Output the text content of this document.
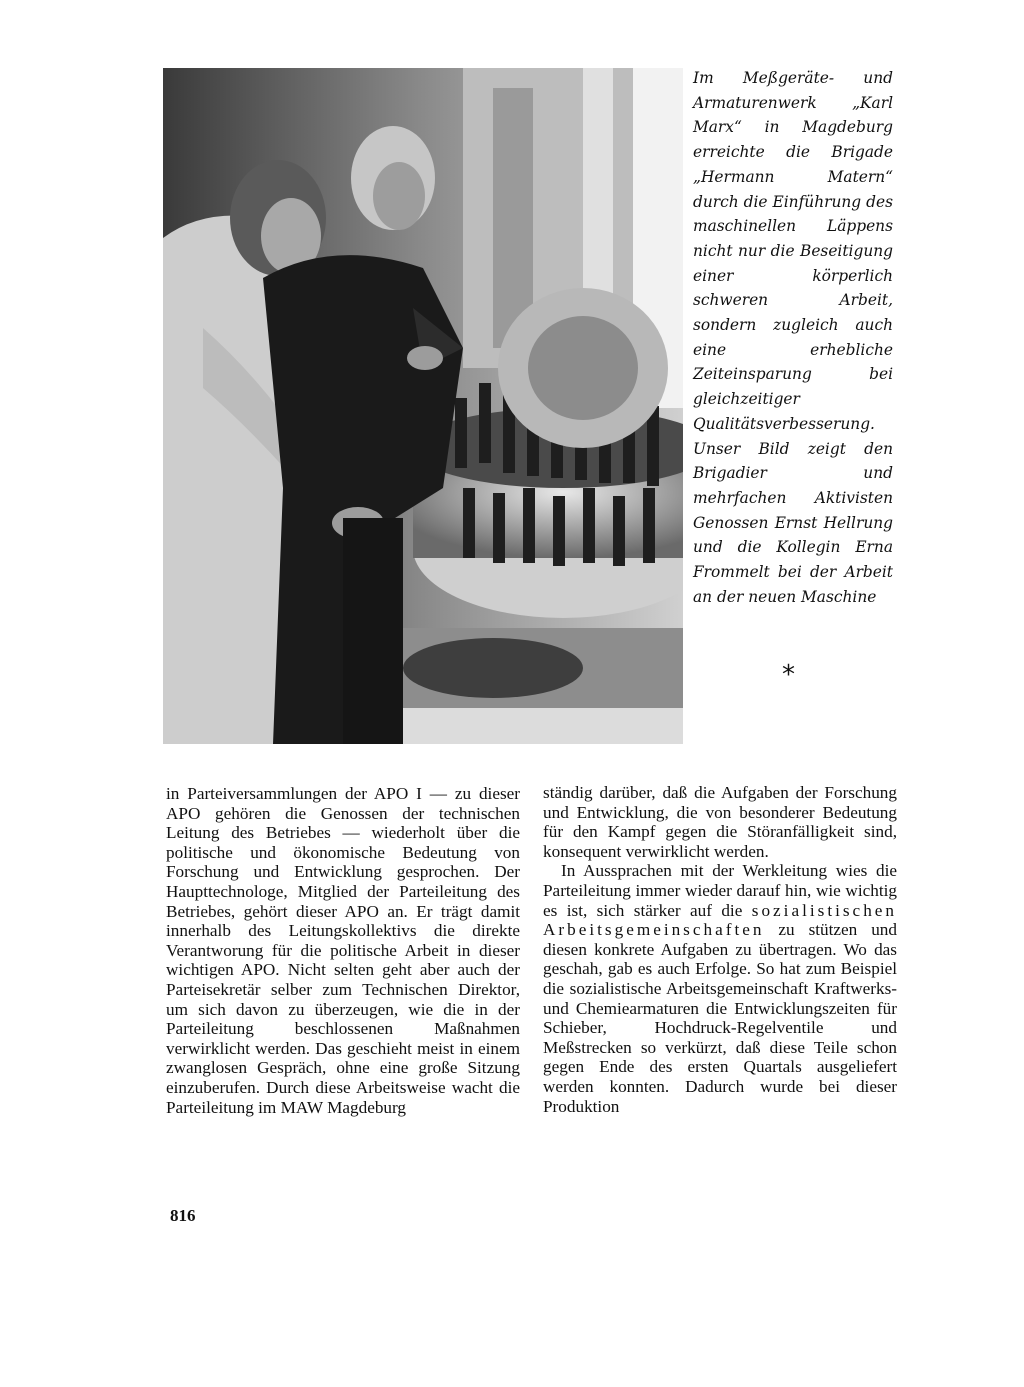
Im Meßgeräte- und Armaturenwerk „Karl Marx“ in Magdeburg erreichte die Brigade „Hermann Matern“ durch die Einführung des maschinellen Läppens nicht nur die Beseitigung einer körperlich schweren Arbeit, sondern zugleich auch eine erhebliche Zeiteinsparung bei gleichzeitiger Qualitätsverbesserung. Unser Bild zeigt den Brigadier und mehrfachen Aktivisten Genossen Ernst Hellrung und die Kollegin Erna Frommelt bei der Arbeit an der neuen Maschine
*

in Parteiversammlungen der APO I — zu dieser APO gehören die Genossen der technischen Leitung des Betriebes — wiederholt über die politische und ökonomische Bedeutung von Forschung und Entwicklung gesprochen. Der Haupttechnologe, Mitglied der Parteileitung des Betriebes, gehört dieser APO an. Er trägt damit innerhalb des Leitungskollektivs die direkte Verantworung für die politische Arbeit in dieser wichtigen APO. Nicht selten geht aber auch der Parteisekretär selber zum Technischen Direktor, um sich davon zu überzeugen, wie die in der Parteileitung beschlossenen Maßnahmen verwirklicht werden. Das geschieht meist in einem zwanglosen Gespräch, ohne eine große Sitzung einzuberufen. Durch diese Arbeitsweise wacht die Parteileitung im MAW Magdeburg

ständig darüber, daß die Aufgaben der Forschung und Entwicklung, die von besonderer Bedeutung für den Kampf gegen die Störanfälligkeit sind, konsequent verwirklicht werden.

In Aussprachen mit der Werkleitung wies die Parteileitung immer wieder darauf hin, wie wichtig es ist, sich stärker auf die sozialistischen Arbeitsgemeinschaften zu stützen und diesen konkrete Aufgaben zu übertragen. Wo das geschah, gab es auch Erfolge. So hat zum Beispiel die sozialistische Arbeitsgemeinschaft Kraftwerks- und Chemiearmaturen die Entwicklungszeiten für Schieber, Hochdruck-Regelventile und Meßstrecken so verkürzt, daß diese Teile schon gegen Ende des ersten Quartals ausgeliefert werden konnten. Dadurch wurde bei dieser Produktion

816
